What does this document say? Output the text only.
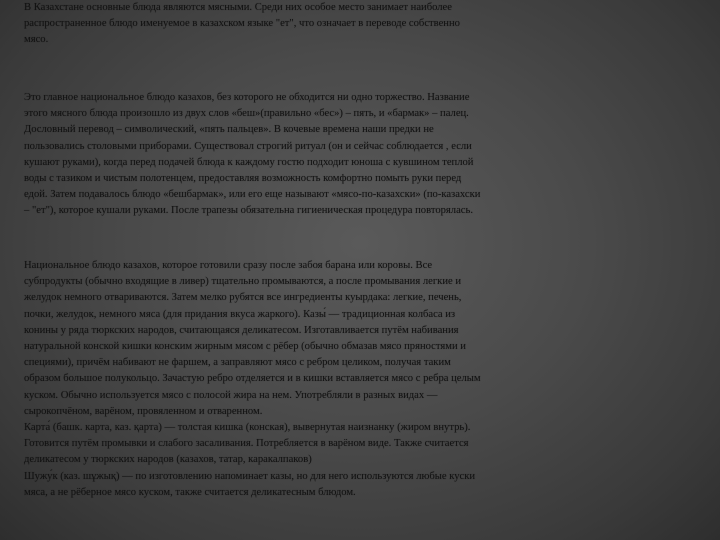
В Казахстане основные блюда являются мясными. Среди них особое место занимает наиболее
распространенное блюдо именуемое в казахском языке "ет", что означает в переводе собственно
мясо.
Это главное национальное блюдо казахов, без которого не обходится ни одно торжество. Название
этого мясного блюда произошло из двух слов «беш»(правильно «бес») – пять, и «бармак» – палец.
Дословный перевод – символический, «пять пальцев». В кочевые времена наши предки не
пользовались столовыми приборами. Существовал строгий ритуал (он и сейчас соблюдается , если
кушают руками), когда перед подачей блюда к каждому гостю подходит юноша с кувшином теплой
воды с тазиком и чистым полотенцем, предоставляя возможность комфортно помыть руки перед
едой. Затем подавалось блюдо «бешбармак», или его еще называют «мясо-по-казахски» (по-казахски
– "ет"), которое кушали руками. После трапезы обязательна гигиеническая процедура повторялась.
Национальное блюдо казахов, которое готовили сразу после забоя барана или коровы. Все
субпродукты (обычно входящие в ливер) тщательно промываются, а после промывания легкие и
желудок немного отвариваются. Затем мелко рубятся все ингредиенты куырдака: легкие, печень,
почки, желудок, немного мяса (для придания вкуса жаркого). Казы́ — традиционная колбаса из
конины у ряда тюркских народов, считающаяся деликатесом. Изготавливается путём набивания
натуральной конской кишки конским жирным мясом с рёбер (обычно обмазав мясо пряностями и
специями), причём набивают не фаршем, а заправляют мясо с ребром целиком, получая таким
образом большое полукольцо. Зачастую ребро отделяется и в кишки вставляется мясо с ребра целым
куском. Обычно используется мясо с полосой жира на нем. Употребляли в разных видах —
сырокопчёном, варёном, провяленном и отваренном.
Карта́ (башк. карта, каз. қарта) — толстая кишка (конская), вывернутая наизнанку (жиром внутрь).
Готовится путём промывки и слабого засаливания. Потребляется в варёном виде. Также считается
деликатесом у тюркских народов (казахов, татар, каракалпаков)
Шужу́к (каз. шұжық) — по изготовлению напоминает казы, но для него используются любые куски
мяса, а не рёберное мясо куском, также считается деликатесным блюдом.
